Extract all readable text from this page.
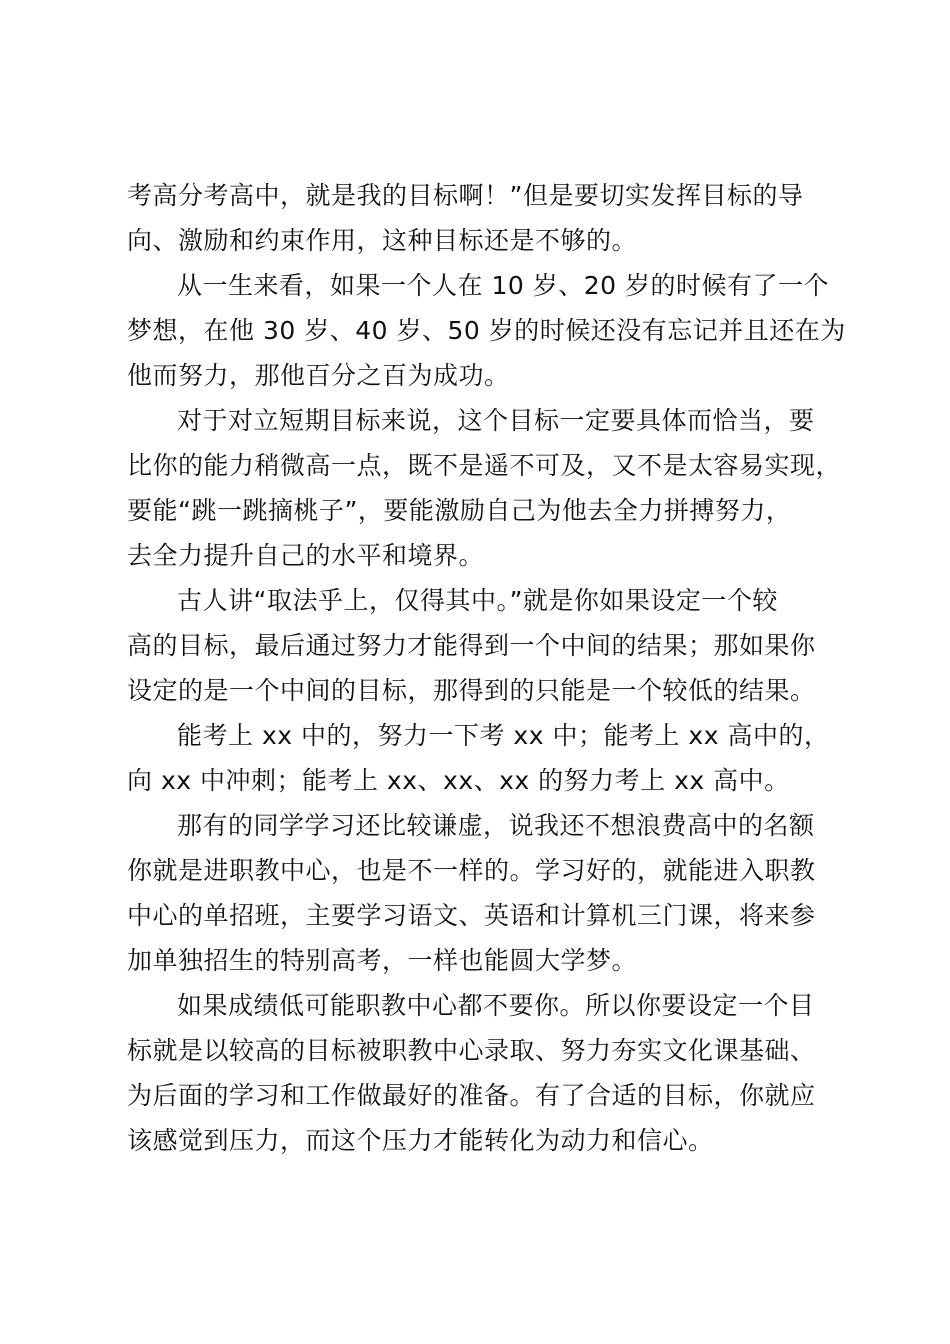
考高分考高中，就是我的目标啊！”但是要切实发挥目标的导
向、激励和约束作用，这种目标还是不够的。
从一生来看，如果一个人在 10 岁、20 岁的时候有了一个
梦想，在他 30 岁、40 岁、50 岁的时候还没有忘记并且还在为
他而努力，那他百分之百为成功。
对于对立短期目标来说，这个目标一定要具体而恰当，要
比你的能力稍微高一点，既不是遥不可及，又不是太容易实现，
要能“跳一跳摘桃子”，要能激励自己为他去全力拼搏努力，
去全力提升自己的水平和境界。
古人讲“取法乎上，仅得其中。”就是你如果设定一个较
高的目标，最后通过努力才能得到一个中间的结果；那如果你
设定的是一个中间的目标，那得到的只能是一个较低的结果。
能考上 xx 中的，努力一下考 xx 中；能考上 xx 高中的，
向 xx 中冲刺；能考上 xx、xx、xx 的努力考上 xx 高中。
那有的同学学习还比较谦虚，说我还不想浪费高中的名额
你就是进职教中心，也是不一样的。学习好的，就能进入职教
中心的单招班，主要学习语文、英语和计算机三门课，将来参
加单独招生的特别高考，一样也能圆大学梦。
如果成绩低可能职教中心都不要你。所以你要设定一个目
标就是以较高的目标被职教中心录取、努力夯实文化课基础、
为后面的学习和工作做最好的准备。有了合适的目标，你就应
该感觉到压力，而这个压力才能转化为动力和信心。
